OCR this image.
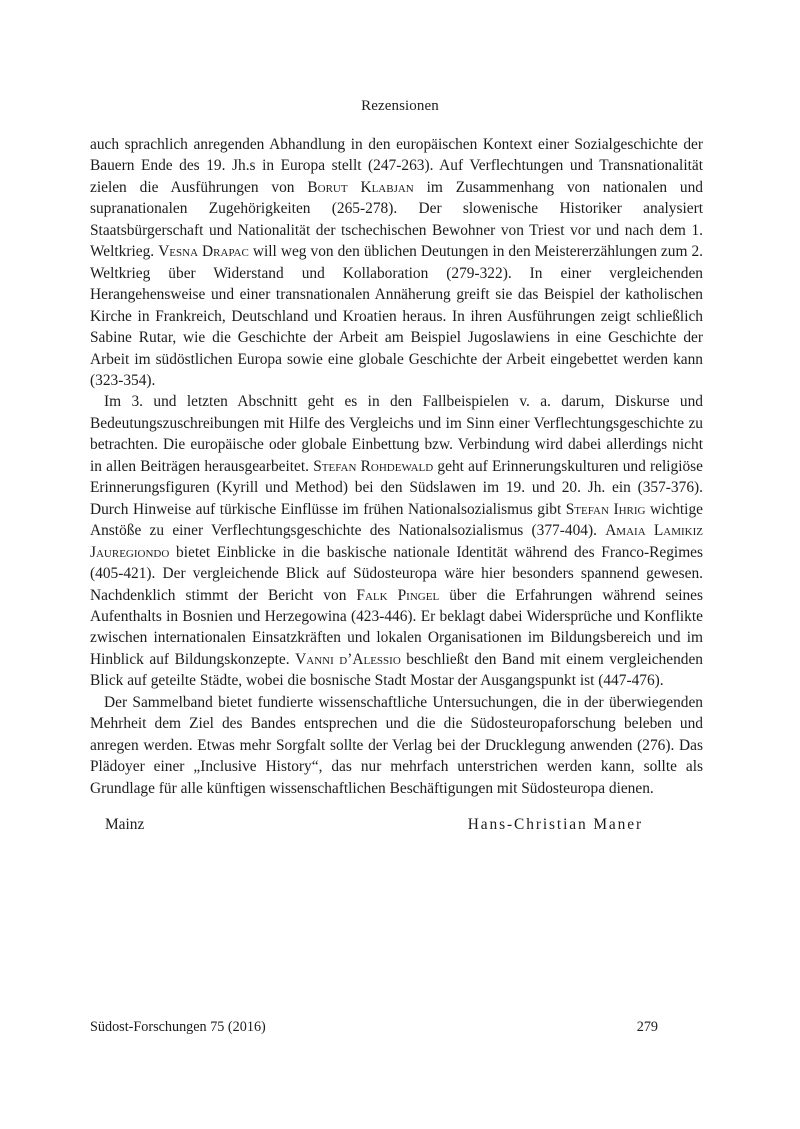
Rezensionen

auch sprachlich anregenden Abhandlung in den europäischen Kontext einer Sozialgeschichte der Bauern Ende des 19. Jh.s in Europa stellt (247-263). Auf Verflechtungen und Transnationalität zielen die Ausführungen von Borut Klabjan im Zusammenhang von nationalen und supranationalen Zugehörigkeiten (265-278). Der slowenische Historiker analysiert Staatsbürgerschaft und Nationalität der tschechischen Bewohner von Triest vor und nach dem 1. Weltkrieg. Vesna Drapac will weg von den üblichen Deutungen in den Meistererzählungen zum 2. Weltkrieg über Widerstand und Kollaboration (279-322). In einer vergleichenden Herangehensweise und einer transnationalen Annäherung greift sie das Beispiel der katholischen Kirche in Frankreich, Deutschland und Kroatien heraus. In ihren Ausführungen zeigt schließlich Sabine Rutar, wie die Geschichte der Arbeit am Beispiel Jugoslawiens in eine Geschichte der Arbeit im südöstlichen Europa sowie eine globale Geschichte der Arbeit eingebettet werden kann (323-354).

Im 3. und letzten Abschnitt geht es in den Fallbeispielen v. a. darum, Diskurse und Bedeutungszuschreibungen mit Hilfe des Vergleichs und im Sinn einer Verflechtungsgeschichte zu betrachten. Die europäische oder globale Einbettung bzw. Verbindung wird dabei allerdings nicht in allen Beiträgen herausgearbeitet. Stefan Rohdewald geht auf Erinnerungskulturen und religiöse Erinnerungsfiguren (Kyrill und Method) bei den Südslawen im 19. und 20. Jh. ein (357-376). Durch Hinweise auf türkische Einflüsse im frühen Nationalsozialismus gibt Stefan Ihrig wichtige Anstöße zu einer Verflechtungsgeschichte des Nationalsozialismus (377-404). Amaia Lamikiz Jauregiondo bietet Einblicke in die baskische nationale Identität während des Franco-Regimes (405-421). Der vergleichende Blick auf Südosteuropa wäre hier besonders spannend gewesen. Nachdenklich stimmt der Bericht von Falk Pingel über die Erfahrungen während seines Aufenthalts in Bosnien und Herzegowina (423-446). Er beklagt dabei Widersprüche und Konflikte zwischen internationalen Einsatzkräften und lokalen Organisationen im Bildungsbereich und im Hinblick auf Bildungskonzepte. Vanni d’Alessio beschließt den Band mit einem vergleichenden Blick auf geteilte Städte, wobei die bosnische Stadt Mostar der Ausgangspunkt ist (447-476).

Der Sammelband bietet fundierte wissenschaftliche Untersuchungen, die in der überwiegenden Mehrheit dem Ziel des Bandes entsprechen und die die Südosteuropaforschung beleben und anregen werden. Etwas mehr Sorgfalt sollte der Verlag bei der Drucklegung anwenden (276). Das Plädoyer einer „Inclusive History“, das nur mehrfach unterstrichen werden kann, sollte als Grundlage für alle künftigen wissenschaftlichen Beschäftigungen mit Südosteuropa dienen.

Mainz	Hans-Christian Maner
Südost-Forschungen 75 (2016)	279
